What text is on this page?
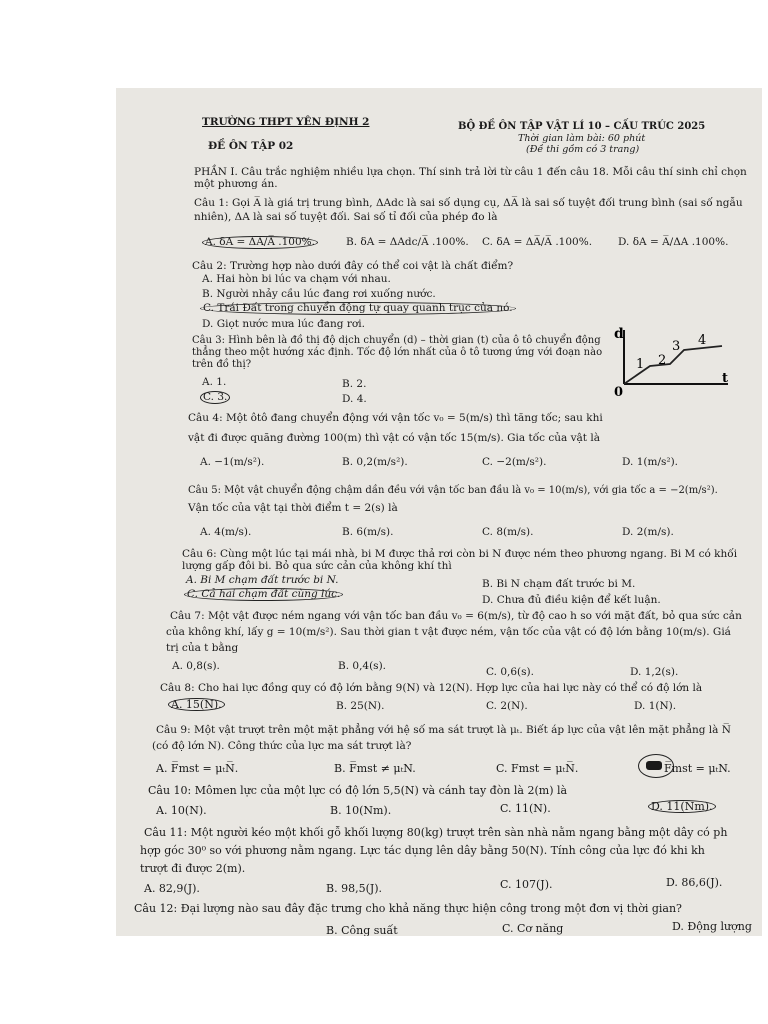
TRƯỜNG THPT YÊN ĐỊNH 2
ĐỀ ÔN TẬP 02
BỘ ĐỀ ÔN TẬP VẬT LÍ 10 – CẤU TRÚC 2025
Thời gian làm bài: 60 phút
(Đề thi gồm có 3 trang)
PHẦN I. Câu trắc nghiệm nhiều lựa chọn. Thí sinh trả lời từ câu 1 đến câu 18. Mỗi câu thí sinh chỉ chọn
một phương án.
Câu 1: Gọi A̅ là giá trị trung bình, ΔAdc là sai số dụng cụ, ΔA̅ là sai số tuyệt đối trung bình (sai số ngẫu
nhiên), ΔA là sai số tuyệt đối. Sai số tỉ đối của phép đo là
A. δA = ΔA/A̅ .100%.	B. δA = ΔAdc/A̅ .100%. C. δA = ΔA̅/A̅ .100%. D. δA = A̅/ΔA .100%.
Câu 2: Trường hợp nào dưới đây có thể coi vật là chất điểm?
A. Hai hòn bi lúc va chạm với nhau.
B. Người nhảy cầu lúc đang rơi xuống nước.
C. Trái Đất trong chuyển động tự quay quanh trục của nó.
D. Giọt nước mưa lúc đang rơi.
Câu 3: Hình bên là đồ thị độ dịch chuyển (d) – thời gian (t) của ô tô chuyển động
thẳng theo một hướng xác định. Tốc độ lớn nhất của ô tô tương ứng với đoạn nào
trên đồ thị?
A. 1.	B. 2.
C. 3.	D. 4.
d
0
t
1 2
3 4
Câu 4: Một ôtô đang chuyển động với vận tốc v₀ = 5(m/s) thì tăng tốc; sau khi
vật đi được quãng đường 100(m) thì vật có vận tốc 15(m/s). Gia tốc của vật là
A. −1(m/s²).	B. 0,2(m/s²).	C. −2(m/s²).	D. 1(m/s²).
Câu 5: Một vật chuyển động chậm dần đều với vận tốc ban đầu là v₀ = 10(m/s), với gia tốc a = −2(m/s²).
Vận tốc của vật tại thời điểm t = 2(s) là
A. 4(m/s).	B. 6(m/s).	C. 8(m/s).	D. 2(m/s).
Câu 6: Cùng một lúc tại mái nhà, bi M được thả rơi còn bi N được ném theo phương ngang. Bi M có khối
lượng gấp đôi bi. Bỏ qua sức cản của không khí thì
A. Bi M chạm đất trước bi N.	B. Bi N chạm đất trước bi M.
C. Cả hai chạm đất cùng lúc.	D. Chưa đủ điều kiện để kết luận.
Câu 7: Một vật được ném ngang với vận tốc ban đầu v₀ = 6(m/s), từ độ cao h so với mặt đất, bỏ qua sức cản
của không khí, lấy g = 10(m/s²). Sau thời gian t vật được ném, vận tốc của vật có độ lớn bằng 10(m/s). Giá
trị của t bằng
A. 0,8(s).	B. 0,4(s).	C. 0,6(s).	D. 1,2(s).
Câu 8: Cho hai lực đồng quy có độ lớn bằng 9(N) và 12(N). Hợp lực của hai lực này có thể có độ lớn là
A. 15(N).	B. 25(N).	C. 2(N).	D. 1(N).
Câu 9: Một vật trượt trên một mặt phẳng với hệ số ma sát trượt là μₜ. Biết áp lực của vật lên mặt phẳng là N̅
(có độ lớn N). Công thức của lực ma sát trượt là?
A. F̅mst = μₜN̅.	B. F̅mst ≠ μₜN.	C. Fmst = μₜN̅.	F̅mst = μₜN.
Câu 10: Mômen lực của một lực có độ lớn 5,5(N) và cánh tay đòn là 2(m) là
A. 10(N).	B. 10(Nm).	C. 11(N).	D. 11(Nm).
Câu 11: Một người kéo một khối gỗ khối lượng 80(kg) trượt trên sàn nhà nằm ngang bằng một dây có ph
hợp góc 30⁰ so với phương nằm ngang. Lực tác dụng lên dây bằng 50(N). Tính công của lực đó khi kh
trượt đi được 2(m).
A. 82,9(J).	B. 98,5(J).	C. 107(J).	D. 86,6(J).
Câu 12: Đại lượng nào sau đây đặc trưng cho khả năng thực hiện công trong một đơn vị thời gian?
B. Công suất	C. Cơ năng	D. Động lượng
